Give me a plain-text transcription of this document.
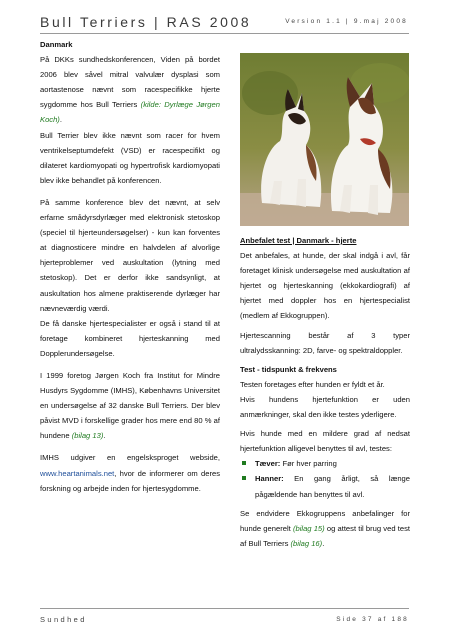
Bull Terriers | RAS 2008	Version 1.1 | 9.maj 2008

Danmark

På DKKs sundhedskonferencen, Viden på bordet 2006 blev såvel mitral valvulær dysplasi som aortastenose nævnt som racespecifikke hjerte sygdomme hos Bull Terriers (kilde: Dyrlæge Jørgen Koch).

Bull Terrier blev ikke nævnt som racer for hvem ventrikelseptumdefekt (VSD) er racespecifikt og dilateret kardiomyopati og hypertrofisk kardiomyopati blev ikke behandlet på konferencen.

På samme konference blev det nævnt, at selv erfarne smådyrsdyrlæger med elektronisk stetoskop (speciel til hjerteundersøgelser) - kun kan forventes at diagnosticere mindre en halvdelen af alvorlige hjerteproblemer ved auskultation (lytning med stetoskop). Det er derfor ikke sandsynligt, at auskultation hos almene praktiserende dyrlæger har nævneværdig værdi.

De få danske hjertespecialister er også i stand til at foretage kombineret hjerteskanning med Dopplerundersøgelse.

I 1999 foretog Jørgen Koch fra Institut for Mindre Husdyrs Sygdomme (IMHS), Københavns Universitet en undersøgelse af 32 danske Bull Terriers. Der blev påvist MVD i forskellige grader hos mere end 80 % af hundene (bilag 13).

IMHS udgiver en engelsksproget webside, www.heartanimals.net, hvor de informerer om deres forskning og arbejde inden for hjertesygdomme.

Anbefalet test | Danmark - hjerte

Det anbefales, at hunde, der skal indgå i avl, får foretaget klinisk undersøgelse med auskultation af hjertet og hjerteskanning (ekkokardiografi) af hjertet med doppler hos en hjertespecialist (medlem af Ekkogruppen).

Hjertescanning består af 3 typer ultralydsskanning: 2D, farve- og spektraldoppler.

Test - tidspunkt & frekvens

Testen foretages efter hunden er fyldt et år.

Hvis hundens hjertefunktion er uden anmærkninger, skal den ikke testes yderligere.

Hvis hunde med en mildere grad af nedsat hjertefunktion alligevel benyttes til avl, testes:

Tæver: Før hver parring
Hanner: En gang årligt, så længe pågældende han benyttes til avl.

Se endvidere Ekkogruppens anbefalinger for hunde generelt (bilag 15) og attest til brug ved test af Bull Terriers (bilag 16).

Sundhed	Side 37 af 188
